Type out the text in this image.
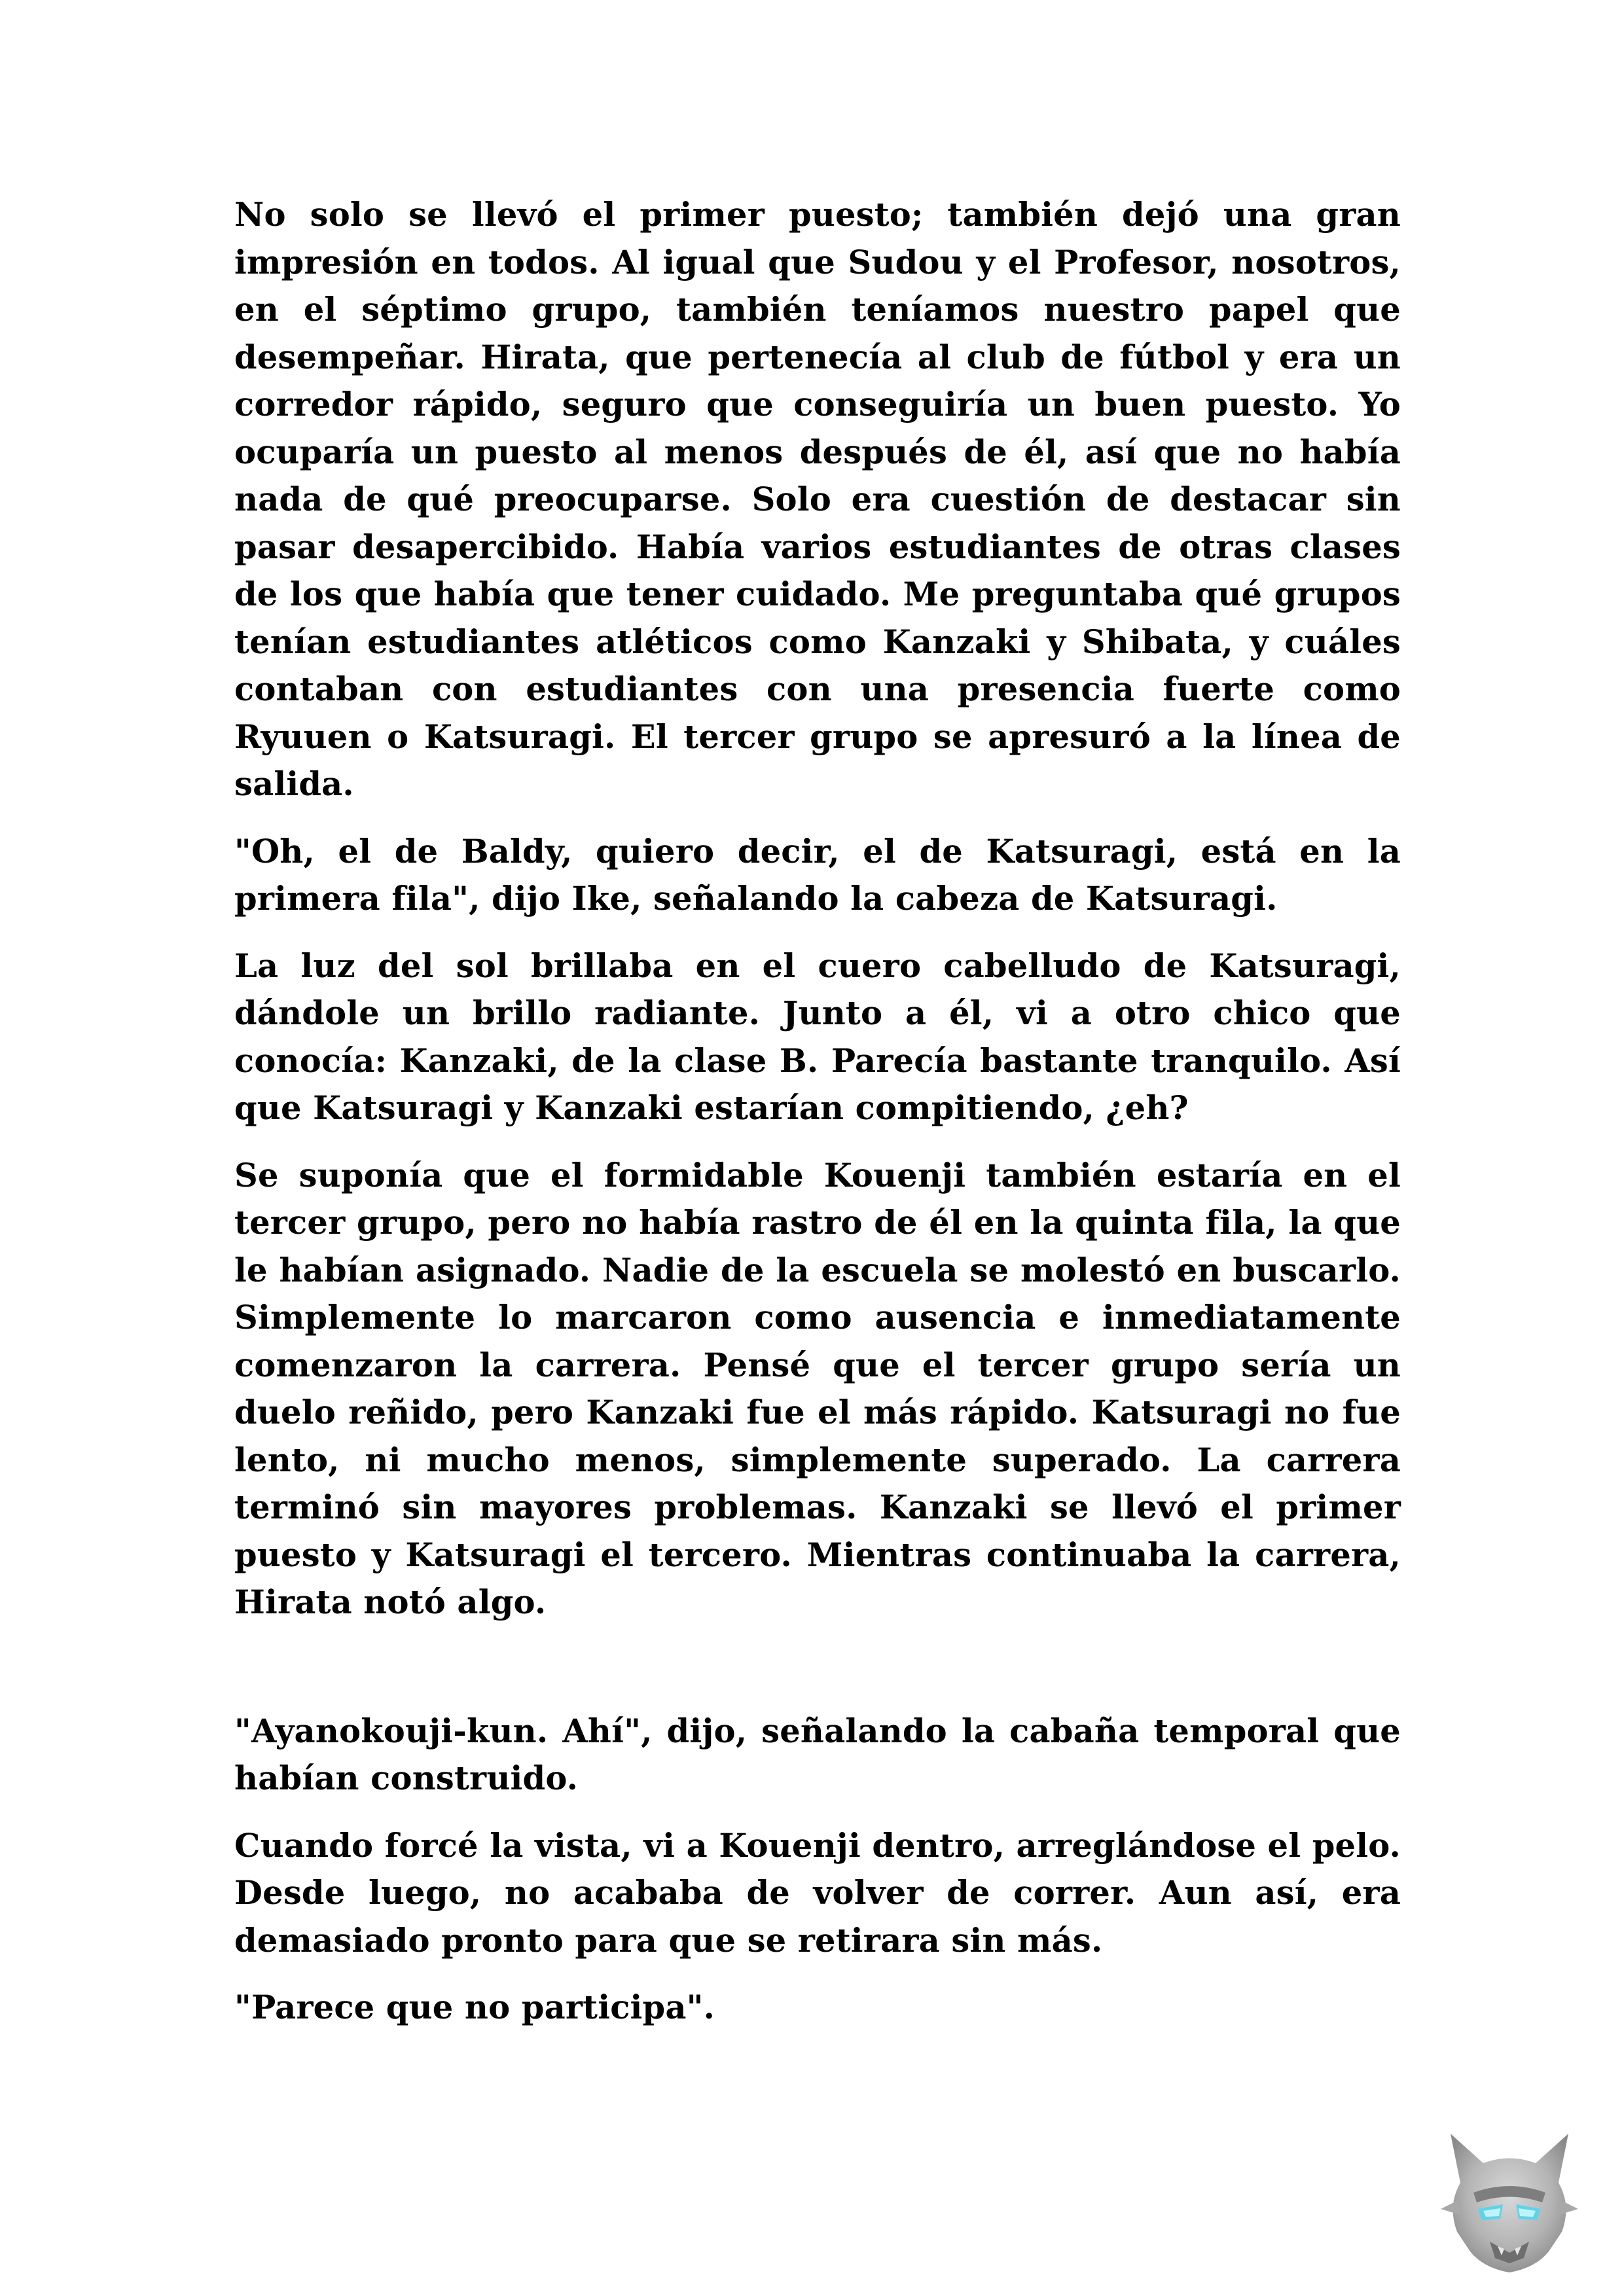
No solo se llevó el primer puesto; también dejó una gran impresión en todos. Al igual que Sudou y el Profesor, nosotros, en el séptimo grupo, también teníamos nuestro papel que desempeñar. Hirata, que pertenecía al club de fútbol y era un corredor rápido, seguro que conseguiría un buen puesto. Yo ocuparía un puesto al menos después de él, así que no había nada de qué preocuparse. Solo era cuestión de destacar sin pasar desapercibido. Había varios estudiantes de otras clases de los que había que tener cuidado. Me preguntaba qué grupos tenían estudiantes atléticos como Kanzaki y Shibata, y cuáles contaban con estudiantes con una presencia fuerte como Ryuuen o Katsuragi. El tercer grupo se apresuró a la línea de salida.

"Oh, el de Baldy, quiero decir, el de Katsuragi, está en la primera fila", dijo Ike, señalando la cabeza de Katsuragi.

La luz del sol brillaba en el cuero cabelludo de Katsuragi, dándole un brillo radiante. Junto a él, vi a otro chico que conocía: Kanzaki, de la clase B. Parecía bastante tranquilo. Así que Katsuragi y Kanzaki estarían compitiendo, ¿eh?

Se suponía que el formidable Kouenji también estaría en el tercer grupo, pero no había rastro de él en la quinta fila, la que le habían asignado. Nadie de la escuela se molestó en buscarlo. Simplemente lo marcaron como ausencia e inmediatamente comenzaron la carrera. Pensé que el tercer grupo sería un duelo reñido, pero Kanzaki fue el más rápido. Katsuragi no fue lento, ni mucho menos, simplemente superado. La carrera terminó sin mayores problemas. Kanzaki se llevó el primer puesto y Katsuragi el tercero. Mientras continuaba la carrera, Hirata notó algo.

"Ayanokouji-kun. Ahí", dijo, señalando la cabaña temporal que habían construido.

Cuando forcé la vista, vi a Kouenji dentro, arreglándose el pelo. Desde luego, no acababa de volver de correr. Aun así, era demasiado pronto para que se retirara sin más.

"Parece que no participa".
